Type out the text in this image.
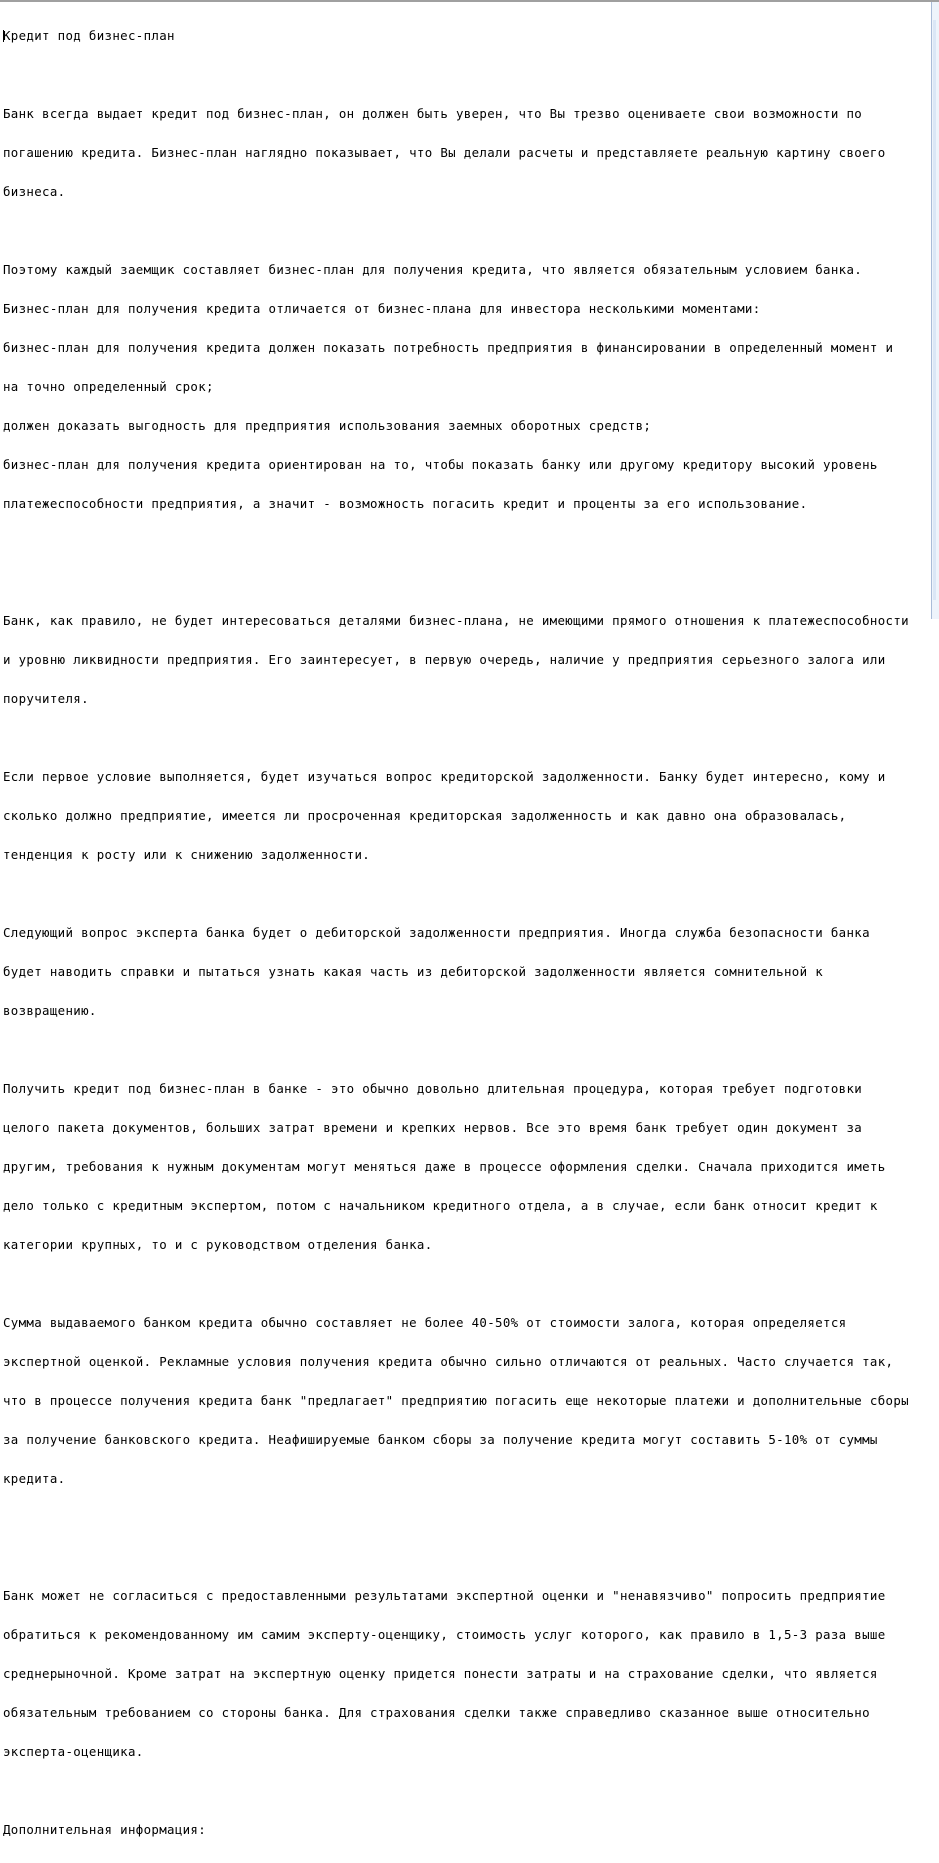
Кредит под бизнес-план

Банк всегда выдает кредит под бизнес-план, он должен быть уверен, что Вы трезво оцениваете свои возможности по

погашению кредита. Бизнес-план наглядно показывает, что Вы делали расчеты и представляете реальную картину своего

бизнеса.

Поэтому каждый заемщик составляет бизнес-план для получения кредита, что является обязательным условием банка.

Бизнес-план для получения кредита отличается от бизнес-плана для инвестора несколькими моментами:

бизнес-план для получения кредита должен показать потребность предприятия в финансировании в определенный момент и

на точно определенный срок;

должен доказать выгодность для предприятия использования заемных оборотных средств;

бизнес-план для получения кредита ориентирован на то, чтобы показать банку или другому кредитору высокий уровень

платежеспособности предприятия, а значит - возможность погасить кредит и проценты за его использование.

Банк, как правило, не будет интересоваться деталями бизнес-плана, не имеющими прямого отношения к платежеспособности

и уровню ликвидности предприятия. Его заинтересует, в первую очередь, наличие у предприятия серьезного залога или

поручителя.

Если первое условие выполняется, будет изучаться вопрос кредиторской задолженности. Банку будет интересно, кому и

сколько должно предприятие, имеется ли просроченная кредиторская задолженность и как давно она образовалась,

тенденция к росту или к снижению задолженности.

Следующий вопрос эксперта банка будет о дебиторской задолженности предприятия. Иногда служба безопасности банка

будет наводить справки и пытаться узнать какая часть из дебиторской задолженности является сомнительной к

возвращению.

Получить кредит под бизнес-план в банке - это обычно довольно длительная процедура, которая требует подготовки

целого пакета документов, больших затрат времени и крепких нервов. Все это время банк требует один документ за

другим, требования к нужным документам могут меняться даже в процессе оформления сделки. Сначала приходится иметь

дело только с кредитным экспертом, потом с начальником кредитного отдела, а в случае, если банк относит кредит к

категории крупных, то и с руководством отделения банка.

Сумма выдаваемого банком кредита обычно составляет не более 40-50% от стоимости залога, которая определяется

экспертной оценкой. Рекламные условия получения кредита обычно сильно отличаются от реальных. Часто случается так,

что в процессе получения кредита банк "предлагает" предприятию погасить еще некоторые платежи и дополнительные сборы

за получение банковского кредита. Неафишируемые банком сборы за получение кредита могут составить 5-10% от суммы

кредита.

Банк может не согласиться с предоставленными результатами экспертной оценки и "ненавязчиво" попросить предприятие

обратиться к рекомендованному им самим эксперту-оценщику, стоимость услуг которого, как правило в 1,5-3 раза выше

среднерыночной. Кроме затрат на экспертную оценку придется понести затраты и на страхование сделки, что является

обязательным требованием со стороны банка. Для страхования сделки также справедливо сказанное выше относительно

эксперта-оценщика.

Дополнительная информация:
